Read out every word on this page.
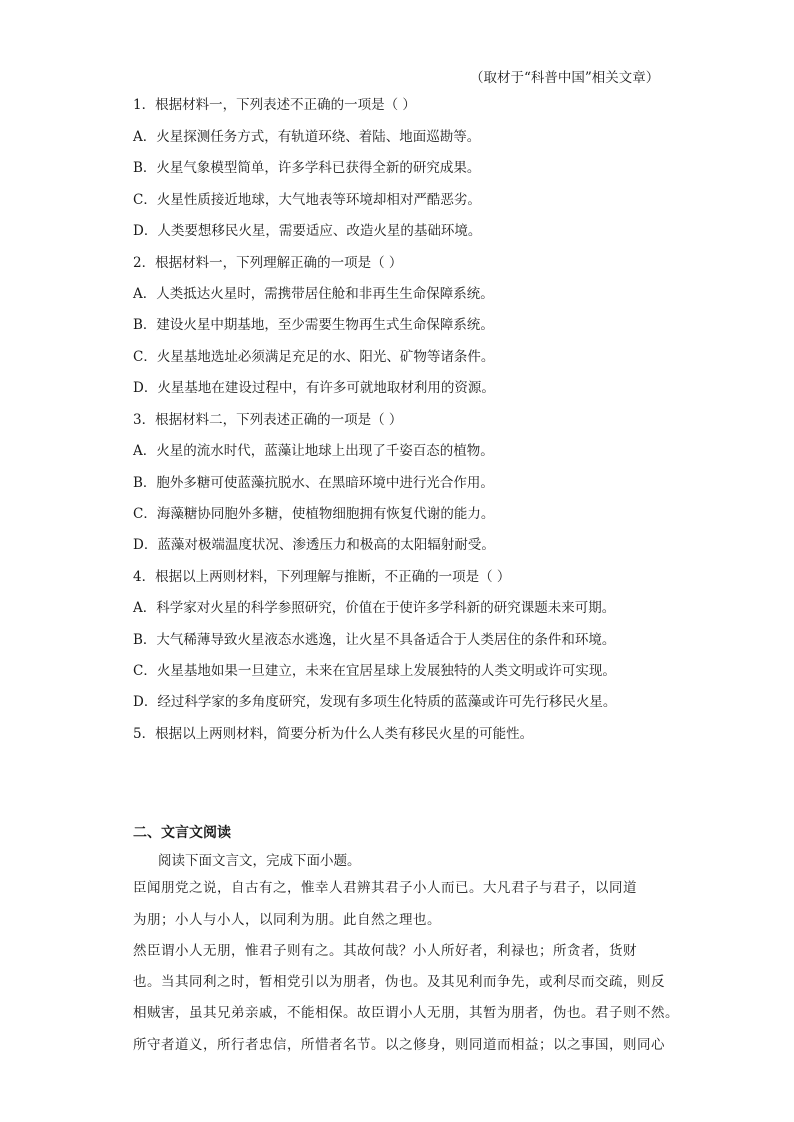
（取材于“科普中国”相关文章）
1．根据材料一，下列表述不正确的一项是（ ）
A．火星探测任务方式，有轨道环绕、着陆、地面巡勘等。
B．火星气象模型简单，许多学科已获得全新的研究成果。
C．火星性质接近地球，大气地表等环境却相对严酷恶劣。
D．人类要想移民火星，需要适应、改造火星的基础环境。
2．根据材料一，下列理解正确的一项是（ ）
A．人类抵达火星时，需携带居住舱和非再生生命保障系统。
B．建设火星中期基地，至少需要生物再生式生命保障系统。
C．火星基地选址必须满足充足的水、阳光、矿物等诸条件。
D．火星基地在建设过程中，有许多可就地取材利用的资源。
3．根据材料二，下列表述正确的一项是（ ）
A．火星的流水时代，蓝藻让地球上出现了千姿百态的植物。
B．胞外多糖可使蓝藻抗脱水、在黑暗环境中进行光合作用。
C．海藻糖协同胞外多糖，使植物细胞拥有恢复代谢的能力。
D．蓝藻对极端温度状况、渗透压力和极高的太阳辐射耐受。
4．根据以上两则材料，下列理解与推断，不正确的一项是（ ）
A．科学家对火星的科学参照研究，价值在于使许多学科新的研究课题未来可期。
B．大气稀薄导致火星液态水逃逸，让火星不具备适合于人类居住的条件和环境。
C．火星基地如果一旦建立，未来在宜居星球上发展独特的人类文明或许可实现。
D．经过科学家的多角度研究，发现有多项生化特质的蓝藻或许可先行移民火星。
5．根据以上两则材料，简要分析为什么人类有移民火星的可能性。
二、文言文阅读
阅读下面文言文，完成下面小题。
臣闻朋党之说，自古有之，惟幸人君辨其君子小人而已。大凡君子与君子，以同道
为朋；小人与小人，以同利为朋。此自然之理也。
然臣谓小人无朋，惟君子则有之。其故何哉？小人所好者，利禄也；所贪者，货财
也。当其同利之时，暂相党引以为朋者，伪也。及其见利而争先，或利尽而交疏，则反
相贼害，虽其兄弟亲戚，不能相保。故臣谓小人无朋，其暂为朋者，伪也。君子则不然。
所守者道义，所行者忠信，所惜者名节。以之修身，则同道而相益；以之事国，则同心
